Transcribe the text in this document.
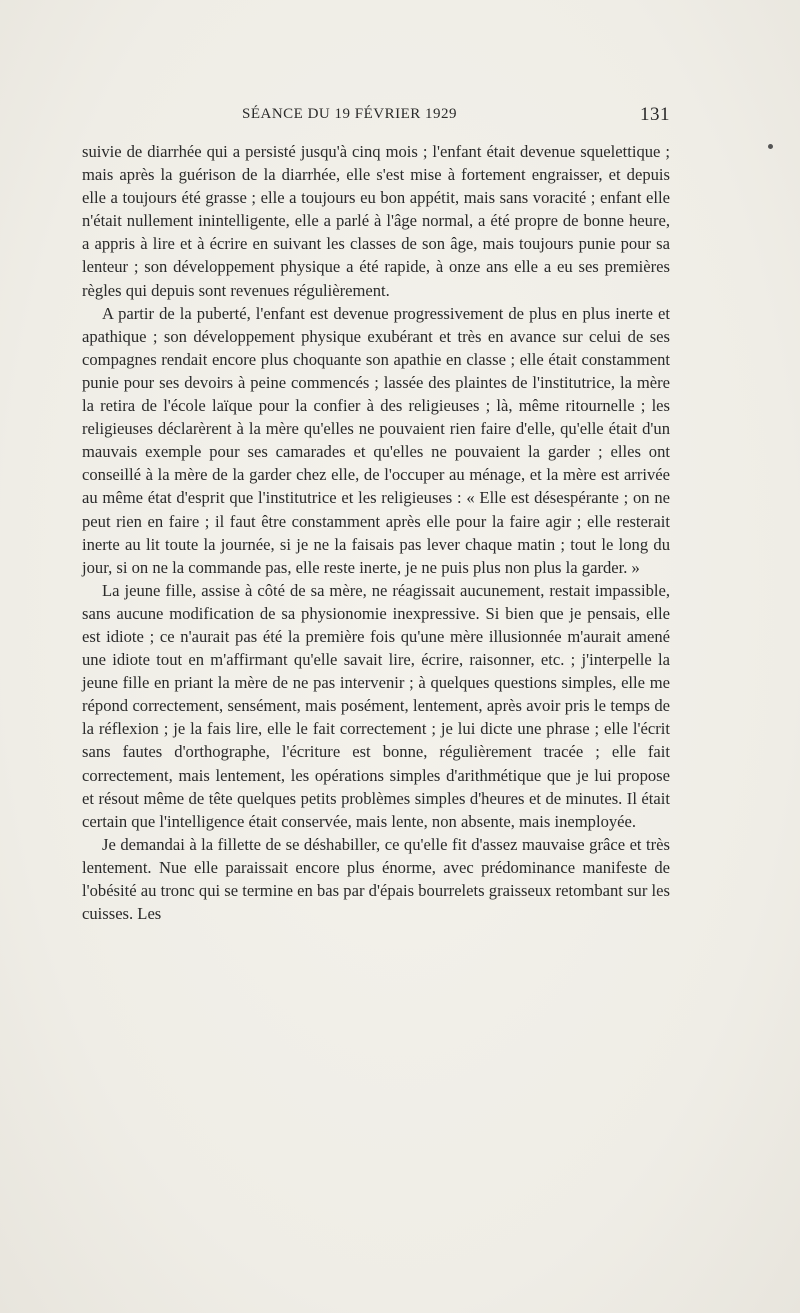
SÉANCE DU 19 FÉVRIER 1929	131

suivie de diarrhée qui a persisté jusqu'à cinq mois ; l'enfant était devenue squelettique ; mais après la guérison de la diarrhée, elle s'est mise à fortement engraisser, et depuis elle a toujours été grasse ; elle a toujours eu bon appétit, mais sans voracité ; enfant elle n'était nullement inintelligente, elle a parlé à l'âge normal, a été propre de bonne heure, a appris à lire et à écrire en suivant les classes de son âge, mais toujours punie pour sa lenteur ; son développement physique a été rapide, à onze ans elle a eu ses premières règles qui depuis sont revenues régulièrement.

A partir de la puberté, l'enfant est devenue progressivement de plus en plus inerte et apathique ; son développement physique exubérant et très en avance sur celui de ses compagnes rendait encore plus choquante son apathie en classe ; elle était constamment punie pour ses devoirs à peine commencés ; lassée des plaintes de l'institutrice, la mère la retira de l'école laïque pour la confier à des religieuses ; là, même ritournelle ; les religieuses déclarèrent à la mère qu'elles ne pouvaient rien faire d'elle, qu'elle était d'un mauvais exemple pour ses camarades et qu'elles ne pouvaient la garder ; elles ont conseillé à la mère de la garder chez elle, de l'occuper au ménage, et la mère est arrivée au même état d'esprit que l'institutrice et les religieuses : « Elle est désespérante ; on ne peut rien en faire ; il faut être constamment après elle pour la faire agir ; elle resterait inerte au lit toute la journée, si je ne la faisais pas lever chaque matin ; tout le long du jour, si on ne la commande pas, elle reste inerte, je ne puis plus non plus la garder. »

La jeune fille, assise à côté de sa mère, ne réagissait aucunement, restait impassible, sans aucune modification de sa physionomie inexpressive. Si bien que je pensais, elle est idiote ; ce n'aurait pas été la première fois qu'une mère illusionnée m'aurait amené une idiote tout en m'affirmant qu'elle savait lire, écrire, raisonner, etc. ; j'interpelle la jeune fille en priant la mère de ne pas intervenir ; à quelques questions simples, elle me répond correctement, sensément, mais posément, lentement, après avoir pris le temps de la réflexion ; je la fais lire, elle le fait correctement ; je lui dicte une phrase ; elle l'écrit sans fautes d'orthographe, l'écriture est bonne, régulièrement tracée ; elle fait correctement, mais lentement, les opérations simples d'arithmétique que je lui propose et résout même de tête quelques petits problèmes simples d'heures et de minutes. Il était certain que l'intelligence était conservée, mais lente, non absente, mais inemployée.

Je demandai à la fillette de se déshabiller, ce qu'elle fit d'assez mauvaise grâce et très lentement. Nue elle paraissait encore plus énorme, avec prédominance manifeste de l'obésité au tronc qui se termine en bas par d'épais bourrelets graisseux retombant sur les cuisses. Les
